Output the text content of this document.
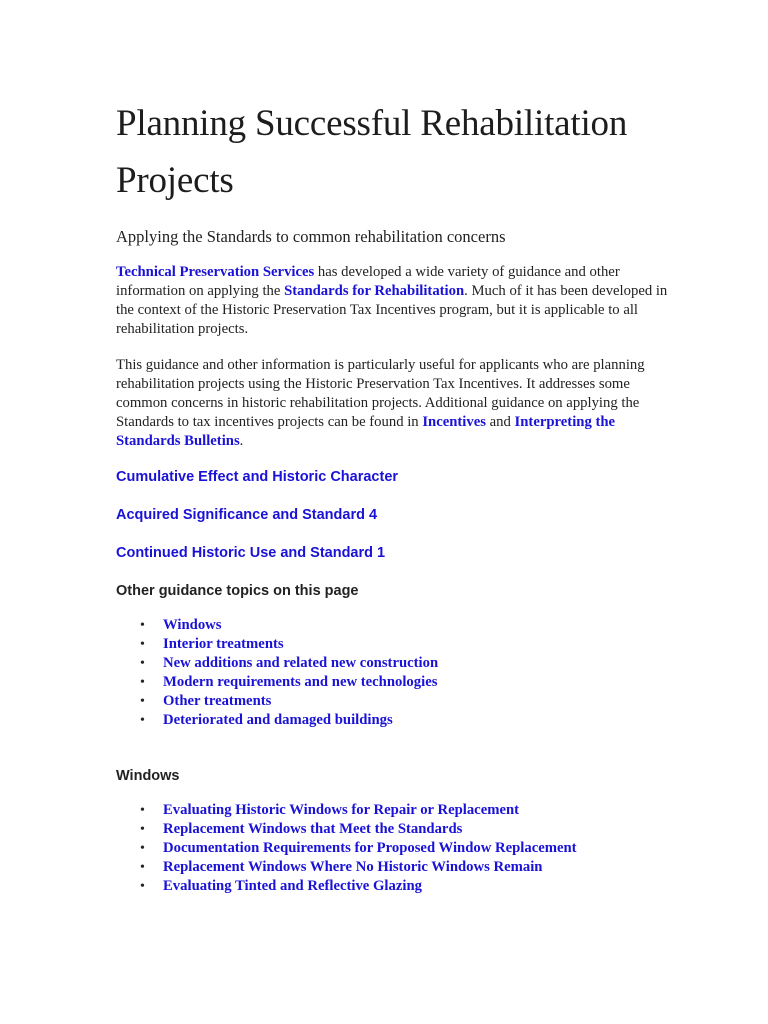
Planning Successful Rehabilitation Projects

Applying the Standards to common rehabilitation concerns

Technical Preservation Services has developed a wide variety of guidance and other information on applying the Standards for Rehabilitation. Much of it has been developed in the context of the Historic Preservation Tax Incentives program, but it is applicable to all rehabilitation projects.

This guidance and other information is particularly useful for applicants who are planning rehabilitation projects using the Historic Preservation Tax Incentives. It addresses some common concerns in historic rehabilitation projects. Additional guidance on applying the Standards to tax incentives projects can be found in Incentives and Interpreting the Standards Bulletins.

Cumulative Effect and Historic Character
Acquired Significance and Standard 4
Continued Historic Use and Standard 1

Other guidance topics on this page

• Windows
• Interior treatments
• New additions and related new construction
• Modern requirements and new technologies
• Other treatments
• Deteriorated and damaged buildings

Windows

• Evaluating Historic Windows for Repair or Replacement
• Replacement Windows that Meet the Standards
• Documentation Requirements for Proposed Window Replacement
• Replacement Windows Where No Historic Windows Remain
• Evaluating Tinted and Reflective Glazing
